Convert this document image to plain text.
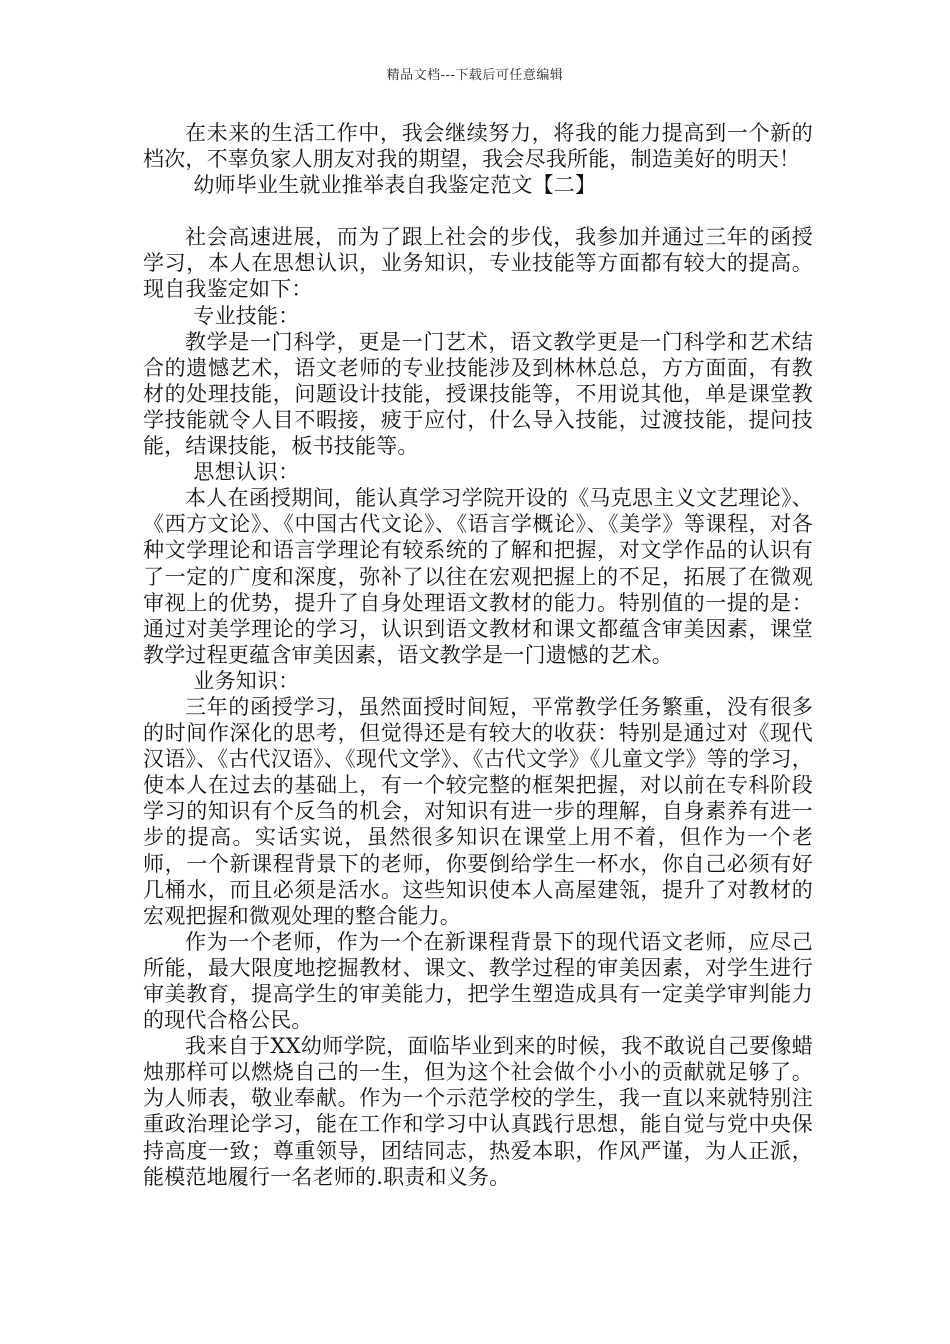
精品文档---下载后可任意编辑

在未来的生活工作中，我会继续努力，将我的能力提高到一个新的档次，不辜负家人朋友对我的期望，我会尽我所能，制造美好的明天！

幼师毕业生就业推举表自我鉴定范文【二】

社会高速进展，而为了跟上社会的步伐，我参加并通过三年的函授学习，本人在思想认识，业务知识，专业技能等方面都有较大的提高。现自我鉴定如下：

专业技能：

教学是一门科学，更是一门艺术，语文教学更是一门科学和艺术结合的遗憾艺术，语文老师的专业技能涉及到林林总总，方方面面，有教材的处理技能，问题设计技能，授课技能等，不用说其他，单是课堂教学技能就令人目不暇接，疲于应付，什么导入技能，过渡技能，提问技能，结课技能，板书技能等。

思想认识：

本人在函授期间，能认真学习学院开设的《马克思主义文艺理论》、《西方文论》、《中国古代文论》、《语言学概论》、《美学》等课程，对各种文学理论和语言学理论有较系统的了解和把握，对文学作品的认识有了一定的广度和深度，弥补了以往在宏观把握上的不足，拓展了在微观审视上的优势，提升了自身处理语文教材的能力。特别值的一提的是：通过对美学理论的学习，认识到语文教材和课文都蕴含审美因素，课堂教学过程更蕴含审美因素，语文教学是一门遗憾的艺术。

业务知识：

三年的函授学习，虽然面授时间短，平常教学任务繁重，没有很多的时间作深化的思考，但觉得还是有较大的收获：特别是通过对《现代汉语》、《古代汉语》、《现代文学》、《古代文学》《儿童文学》等的学习，使本人在过去的基础上，有一个较完整的框架把握，对以前在专科阶段学习的知识有个反刍的机会，对知识有进一步的理解，自身素养有进一步的提高。实话实说，虽然很多知识在课堂上用不着，但作为一个老师，一个新课程背景下的老师，你要倒给学生一杯水，你自己必须有好几桶水，而且必须是活水。这些知识使本人高屋建瓴，提升了对教材的宏观把握和微观处理的整合能力。

作为一个老师，作为一个在新课程背景下的现代语文老师，应尽己所能，最大限度地挖掘教材、课文、教学过程的审美因素，对学生进行审美教育，提高学生的审美能力，把学生塑造成具有一定美学审判能力的现代合格公民。

我来自于XX幼师学院，面临毕业到来的时候，我不敢说自己要像蜡烛那样可以燃烧自己的一生，但为这个社会做个小小的贡献就足够了。为人师表，敬业奉献。作为一个示范学校的学生，我一直以来就特别注重政治理论学习，能在工作和学习中认真践行思想，能自觉与党中央保持高度一致；尊重领导，团结同志，热爱本职，作风严谨，为人正派，能模范地履行一名老师的.职责和义务。
